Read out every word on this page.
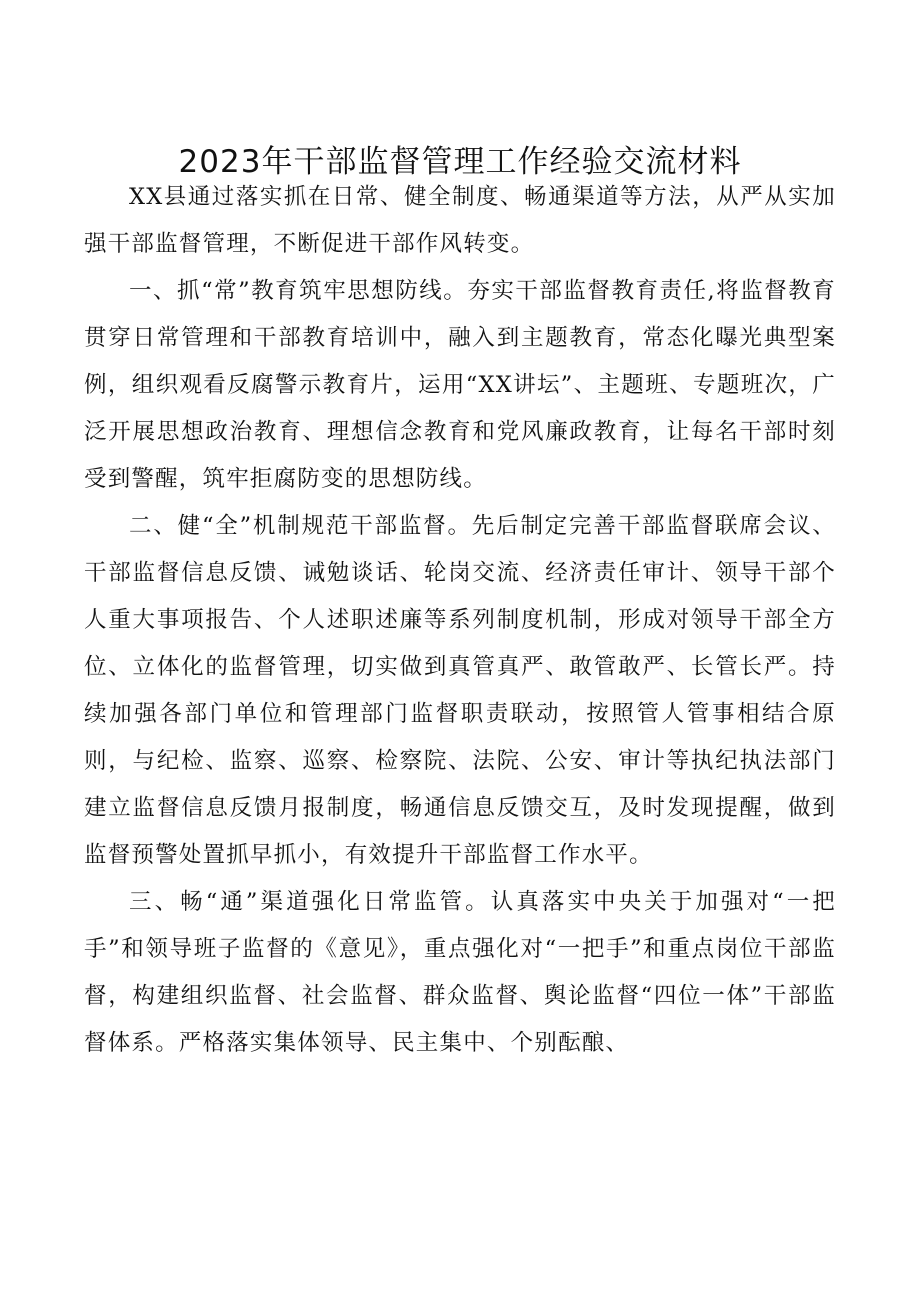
2023年干部监督管理工作经验交流材料

XX县通过落实抓在日常、健全制度、畅通渠道等方法，从严从实加强干部监督管理，不断促进干部作风转变。

一、抓“常”教育筑牢思想防线。夯实干部监督教育责任,将监督教育贯穿日常管理和干部教育培训中，融入到主题教育，常态化曝光典型案例，组织观看反腐警示教育片，运用“XX讲坛”、主题班、专题班次，广泛开展思想政治教育、理想信念教育和党风廉政教育，让每名干部时刻受到警醒，筑牢拒腐防变的思想防线。

二、健“全”机制规范干部监督。先后制定完善干部监督联席会议、干部监督信息反馈、诫勉谈话、轮岗交流、经济责任审计、领导干部个人重大事项报告、个人述职述廉等系列制度机制，形成对领导干部全方位、立体化的监督管理，切实做到真管真严、敢管敢严、长管长严。持续加强各部门单位和管理部门监督职责联动，按照管人管事相结合原则，与纪检、监察、巡察、检察院、法院、公安、审计等执纪执法部门建立监督信息反馈月报制度，畅通信息反馈交互，及时发现提醒，做到监督预警处置抓早抓小，有效提升干部监督工作水平。

三、畅“通”渠道强化日常监管。认真落实中央关于加强对“一把手”和领导班子监督的《意见》，重点强化对“一把手”和重点岗位干部监督，构建组织监督、社会监督、群众监督、舆论监督“四位一体”干部监督体系。严格落实集体领导、民主集中、个别酝酿、
